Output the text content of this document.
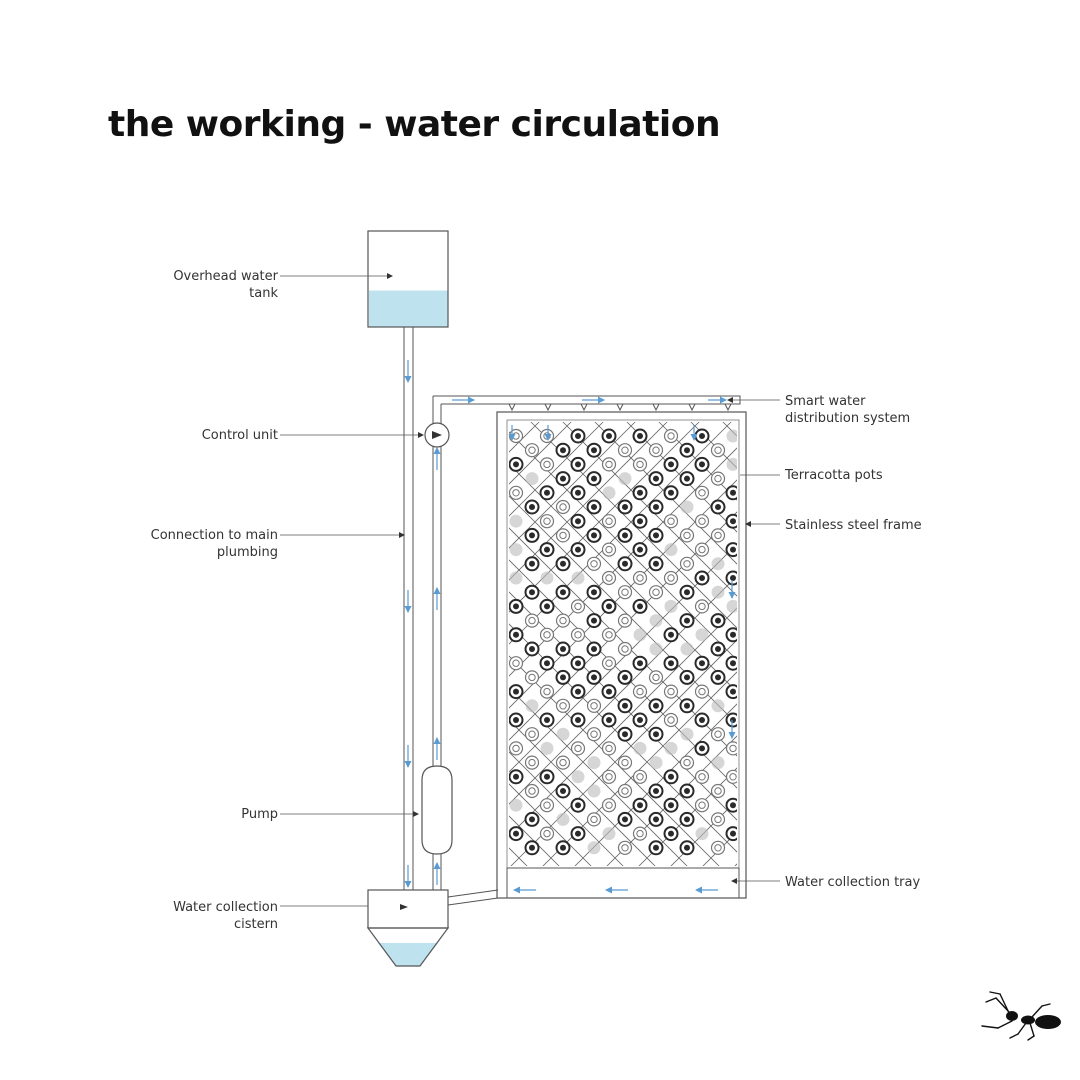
the working - water circulation
Overhead water
tank
Control unit
Connection to main
plumbing
Pump
Water collection
cistern
Smart water
distribution system
Terracotta pots
Stainless steel frame
Water collection tray
